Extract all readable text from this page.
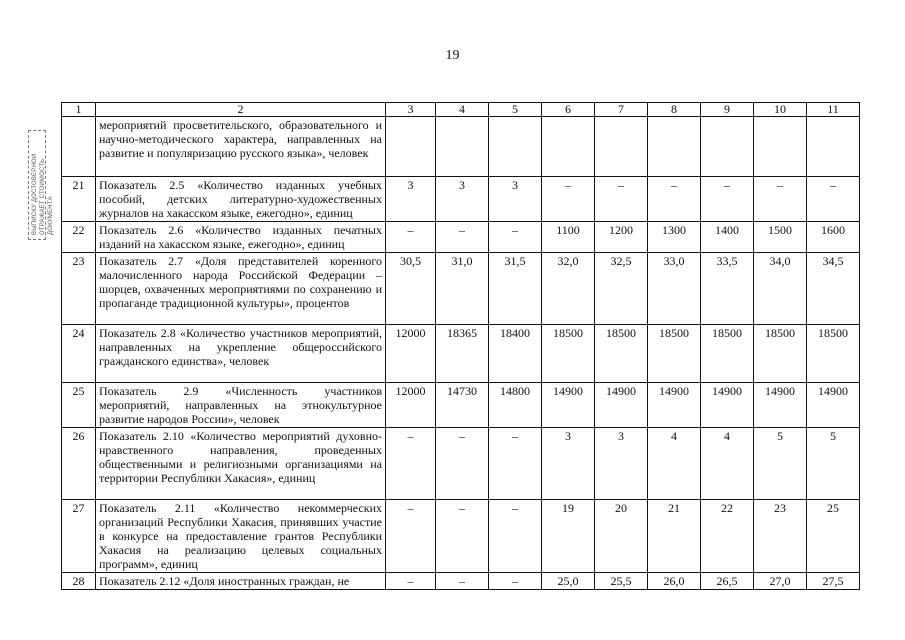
19
ВЫПИСКУ ДОСТОВЕРНОЙ ОТРАЖАЕТ СТОИМОСТЬ ДОКУМЕНТА
1	2	3	4	5	6	7	8	9	10	11
	мероприятий просветительского, образовательного и научно-методического характера, направленных на развитие и популяризацию русского языка», человек									
21	Показатель 2.5 «Количество изданных учебных пособий, детских литературно-художественных журналов на хакасском языке, ежегодно», единиц	3	3	3	–	–	–	–	–	–
22	Показатель 2.6 «Количество изданных печатных изданий на хакасском языке, ежегодно», единиц	–	–	–	1100	1200	1300	1400	1500	1600
23	Показатель 2.7 «Доля представителей коренного малочисленного народа Российской Федерации – шорцев, охваченных мероприятиями по сохранению и пропаганде традиционной культуры», процентов	30,5	31,0	31,5	32,0	32,5	33,0	33,5	34,0	34,5
24	Показатель 2.8 «Количество участников мероприятий, направленных на укрепление общероссийского гражданского единства», человек	12000	18365	18400	18500	18500	18500	18500	18500	18500
25	Показатель 2.9 «Численность участников мероприятий, направленных на этнокультурное развитие народов России», человек	12000	14730	14800	14900	14900	14900	14900	14900	14900
26	Показатель 2.10 «Количество мероприятий духовно-нравственного направления, проведенных общественными и религиозными организациями на территории Республики Хакасия», единиц	–	–	–	3	3	4	4	5	5
27	Показатель 2.11 «Количество некоммерческих организаций Республики Хакасия, принявших участие в конкурсе на предоставление грантов Республики Хакасия на реализацию целевых социальных программ», единиц	–	–	–	19	20	21	22	23	25
28	Показатель 2.12 «Доля иностранных граждан, не	–	–	–	25,0	25,5	26,0	26,5	27,0	27,5
